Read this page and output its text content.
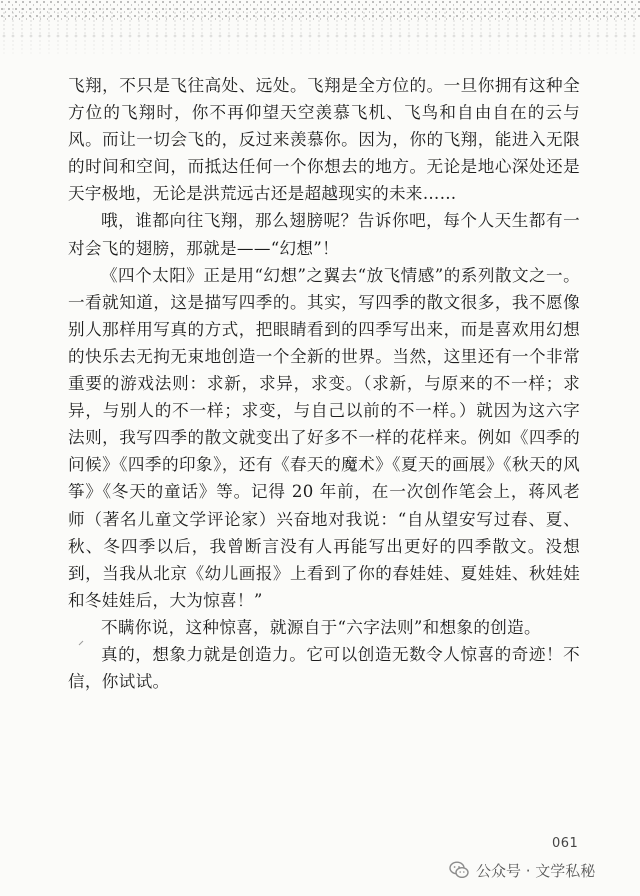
飞翔，不只是飞往高处、远处。飞翔是全方位的。一旦你拥有这种全方位的飞翔时，你不再仰望天空羡慕飞机、飞鸟和自由自在的云与风。而让一切会飞的，反过来羡慕你。因为，你的飞翔，能进入无限的时间和空间，而抵达任何一个你想去的地方。无论是地心深处还是天宇极地，无论是洪荒远古还是超越现实的未来……

哦，谁都向往飞翔，那么翅膀呢？告诉你吧，每个人天生都有一对会飞的翅膀，那就是——“幻想”！

《四个太阳》正是用“幻想”之翼去“放飞情感”的系列散文之一。一看就知道，这是描写四季的。其实，写四季的散文很多，我不愿像别人那样用写真的方式，把眼睛看到的四季写出来，而是喜欢用幻想的快乐去无拘无束地创造一个全新的世界。当然，这里还有一个非常重要的游戏法则：求新，求异，求变。（求新，与原来的不一样；求异，与别人的不一样；求变，与自己以前的不一样。）就因为这六字法则，我写四季的散文就变出了好多不一样的花样来。例如《四季的问候》《四季的印象》，还有《春天的魔术》《夏天的画展》《秋天的风筝》《冬天的童话》等。记得 20 年前，在一次创作笔会上，蒋风老师（著名儿童文学评论家）兴奋地对我说：“自从望安写过春、夏、秋、冬四季以后，我曾断言没有人再能写出更好的四季散文。没想到，当我从北京《幼儿画报》上看到了你的春娃娃、夏娃娃、秋娃娃和冬娃娃后，大为惊喜！”

不瞒你说，这种惊喜，就源自于“六字法则”和想象的创造。

真的，想象力就是创造力。它可以创造无数令人惊喜的奇迹！不信，你试试。

061
公众号 · 文学私秘
